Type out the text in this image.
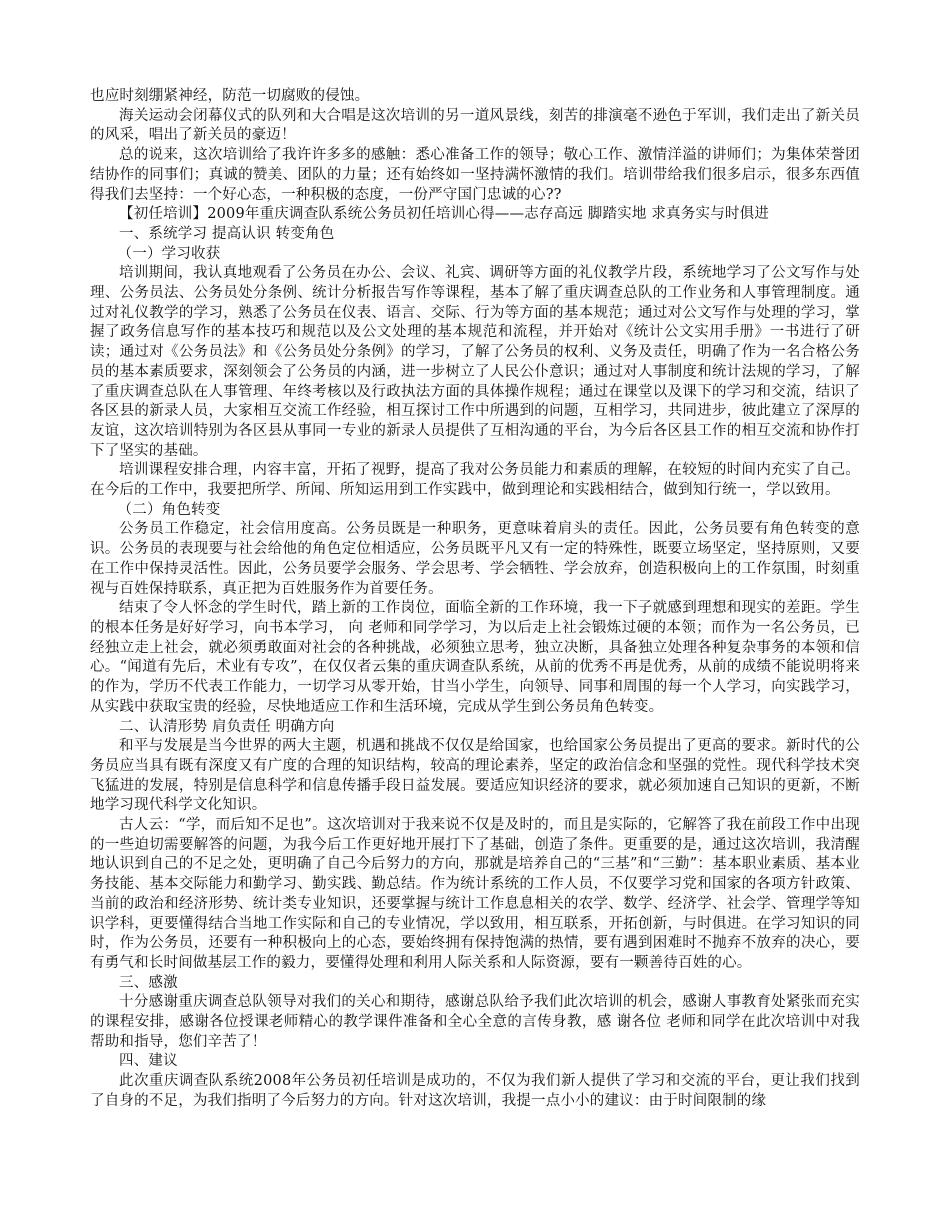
也应时刻绷紧神经，防范一切腐败的侵蚀。

海关运动会闭幕仪式的队列和大合唱是这次培训的另一道风景线，刻苦的排演毫不逊色于军训，我们走出了新关员的风采，唱出了新关员的豪迈！

总的说来，这次培训给了我许许多多的感触：悉心准备工作的领导；敬心工作、激情洋溢的讲师们；为集体荣誉团结协作的同事们；真诚的赞美、团队的力量；还有始终如一坚持满怀激情的我们。培训带给我们很多启示，很多东西值得我们去坚持：一个好心态，一种积极的态度，一份严守国门忠诚的心??

【初任培训】2009年重庆调查队系统公务员初任培训心得——志存高远 脚踏实地 求真务实与时俱进

一、系统学习 提高认识 转变角色

（一）学习收获

培训期间，我认真地观看了公务员在办公、会议、礼宾、调研等方面的礼仪教学片段，系统地学习了公文写作与处理、公务员法、公务员处分条例、统计分析报告写作等课程，基本了解了重庆调查总队的工作业务和人事管理制度。通过对礼仪教学的学习，熟悉了公务员在仪表、语言、交际、行为等方面的基本规范；通过对公文写作与处理的学习，掌握了政务信息写作的基本技巧和规范以及公文处理的基本规范和流程，并开始对《统计公文实用手册》一书进行了研读；通过对《公务员法》和《公务员处分条例》的学习，了解了公务员的权利、义务及责任，明确了作为一名合格公务员的基本素质要求，深刻领会了公务员的内涵，进一步树立了人民公仆意识；通过对人事制度和统计法规的学习，了解了重庆调查总队在人事管理、年终考核以及行政执法方面的具体操作规程；通过在课堂以及课下的学习和交流，结识了各区县的新录人员，大家相互交流工作经验，相互探讨工作中所遇到的问题，互相学习，共同进步，彼此建立了深厚的友谊，这次培训特别为各区县从事同一专业的新录人员提供了互相沟通的平台，为今后各区县工作的相互交流和协作打下了坚实的基础。

培训课程安排合理，内容丰富，开拓了视野，提高了我对公务员能力和素质的理解，在较短的时间内充实了自己。在今后的工作中，我要把所学、所闻、所知运用到工作实践中，做到理论和实践相结合，做到知行统一，学以致用。

（二）角色转变

公务员工作稳定，社会信用度高。公务员既是一种职务，更意味着肩头的责任。因此，公务员要有角色转变的意识。公务员的表现要与社会给他的角色定位相适应，公务员既平凡又有一定的特殊性，既要立场坚定，坚持原则，又要在工作中保持灵活性。因此，公务员要学会服务、学会思考、学会牺牲、学会放弃，创造积极向上的工作氛围，时刻重视与百姓保持联系，真正把为百姓服务作为首要任务。

结束了令人怀念的学生时代，踏上新的工作岗位，面临全新的工作环境，我一下子就感到理想和现实的差距。学生的根本任务是好好学习，向书本学习， 向 老师和同学学习，为以后走上社会锻炼过硬的本领；而作为一名公务员，已经独立走上社会，就必须勇敢面对社会的各种挑战，必须独立思考，独立决断，具备独立处理各种复杂事务的本领和信心。“闻道有先后，术业有专攻”，在仅仅者云集的重庆调查队系统，从前的优秀不再是优秀，从前的成绩不能说明将来的作为，学历不代表工作能力，一切学习从零开始，甘当小学生，向领导、同事和周围的每一个人学习，向实践学习，从实践中获取宝贵的经验，尽快地适应工作和生活环境，完成从学生到公务员角色转变。

二、认清形势 肩负责任 明确方向

和平与发展是当今世界的两大主题，机遇和挑战不仅仅是给国家，也给国家公务员提出了更高的要求。新时代的公务员应当具有既有深度又有广度的合理的知识结构，较高的理论素养，坚定的政治信念和坚强的党性。现代科学技术突飞猛进的发展，特别是信息科学和信息传播手段日益发展。要适应知识经济的要求，就必须加速自己知识的更新，不断地学习现代科学文化知识。

古人云：“学，而后知不足也”。这次培训对于我来说不仅是及时的，而且是实际的，它解答了我在前段工作中出现的一些迫切需要解答的问题，为我今后工作更好地开展打下了基础，创造了条件。更重要的是，通过这次培训，我清醒地认识到自己的不足之处，更明确了自己今后努力的方向，那就是培养自己的“三基”和“三勤”：基本职业素质、基本业务技能、基本交际能力和勤学习、勤实践、勤总结。作为统计系统的工作人员，不仅要学习党和国家的各项方针政策、当前的政治和经济形势、统计类专业知识，还要掌握与统计工作息息相关的农学、数学、经济学、社会学、管理学等知识学科，更要懂得结合当地工作实际和自己的专业情况，学以致用，相互联系，开拓创新，与时俱进。在学习知识的同时，作为公务员，还要有一种积极向上的心态，要始终拥有保持饱满的热情，要有遇到困难时不抛弃不放弃的决心，要有勇气和长时间做基层工作的毅力，要懂得处理和利用人际关系和人际资源，要有一颗善待百姓的心。

三、感激

十分感谢重庆调查总队领导对我们的关心和期待，感谢总队给予我们此次培训的机会，感谢人事教育处紧张而充实的课程安排，感谢各位授课老师精心的教学课件准备和全心全意的言传身教，感 谢各位 老师和同学在此次培训中对我帮助和指导，您们辛苦了！

四、建议

此次重庆调查队系统2008年公务员初任培训是成功的，不仅为我们新人提供了学习和交流的平台，更让我们找到了自身的不足，为我们指明了今后努力的方向。针对这次培训，我提一点小小的建议：由于时间限制的缘
